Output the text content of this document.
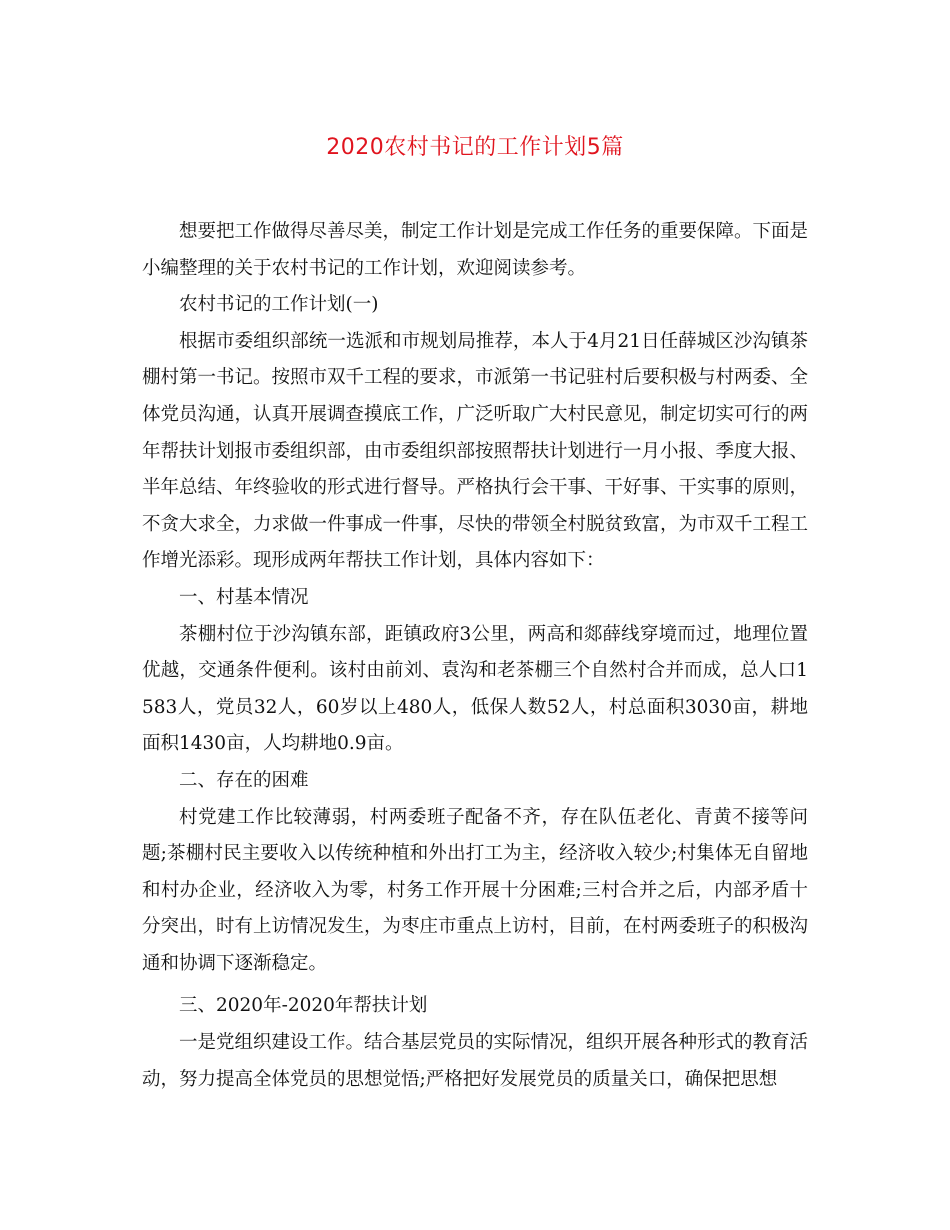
2020农村书记的工作计划5篇

想要把工作做得尽善尽美，制定工作计划是完成工作任务的重要保障。下面是小编整理的关于农村书记的工作计划，欢迎阅读参考。

农村书记的工作计划(一)

根据市委组织部统一选派和市规划局推荐，本人于4月21日任薛城区沙沟镇茶棚村第一书记。按照市双千工程的要求，市派第一书记驻村后要积极与村两委、全体党员沟通，认真开展调查摸底工作，广泛听取广大村民意见，制定切实可行的两年帮扶计划报市委组织部，由市委组织部按照帮扶计划进行一月小报、季度大报、半年总结、年终验收的形式进行督导。严格执行会干事、干好事、干实事的原则，不贪大求全，力求做一件事成一件事，尽快的带领全村脱贫致富，为市双千工程工作增光添彩。现形成两年帮扶工作计划，具体内容如下：

一、村基本情况

茶棚村位于沙沟镇东部，距镇政府3公里，两高和郯薛线穿境而过，地理位置优越，交通条件便利。该村由前刘、袁沟和老茶棚三个自然村合并而成，总人口1583人，党员32人，60岁以上480人，低保人数52人，村总面积3030亩，耕地面积1430亩，人均耕地0.9亩。

二、存在的困难

村党建工作比较薄弱，村两委班子配备不齐，存在队伍老化、青黄不接等问题;茶棚村民主要收入以传统种植和外出打工为主，经济收入较少;村集体无自留地和村办企业，经济收入为零，村务工作开展十分困难;三村合并之后，内部矛盾十分突出，时有上访情况发生，为枣庄市重点上访村，目前，在村两委班子的积极沟通和协调下逐渐稳定。

三、2020年-2020年帮扶计划

一是党组织建设工作。结合基层党员的实际情况，组织开展各种形式的教育活动，努力提高全体党员的思想觉悟;严格把好发展党员的质量关口，确保把思想
